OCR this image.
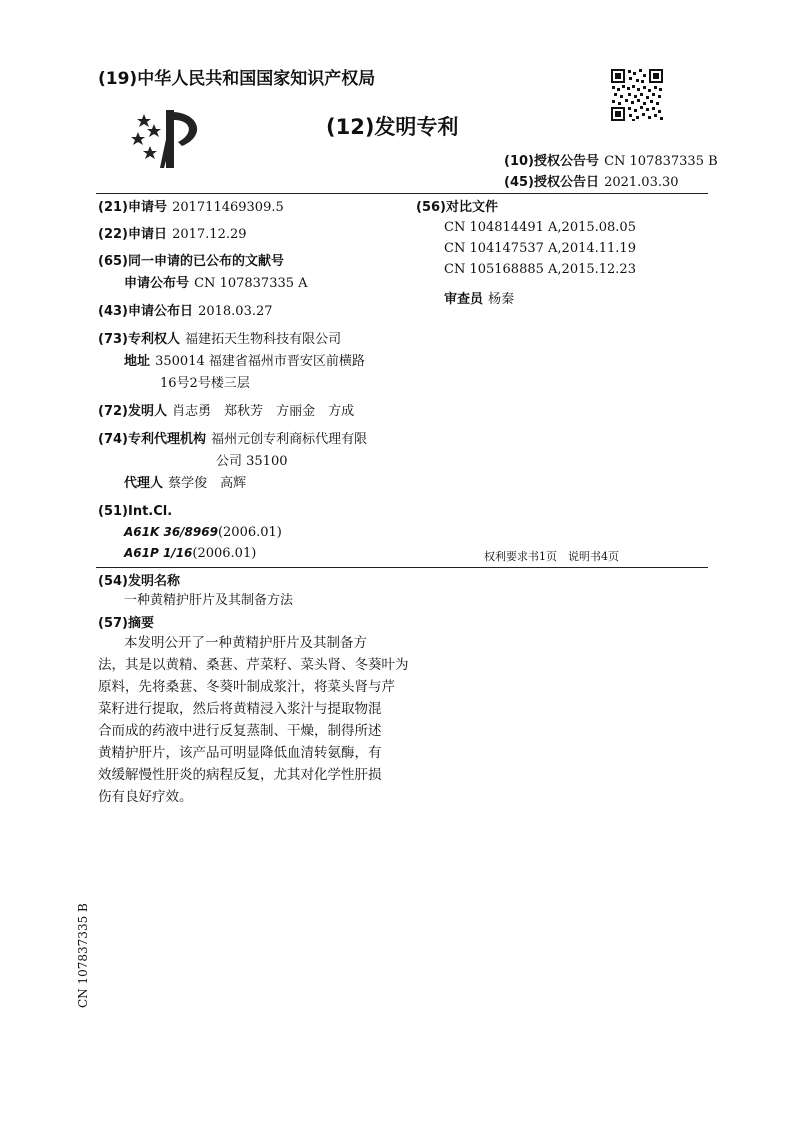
(19)中华人民共和国国家知识产权局
(12)发明专利
(10)授权公告号 CN 107837335 B
(45)授权公告日 2021.03.30
(21)申请号 201711469309.5
(22)申请日 2017.12.29
(65)同一申请的已公布的文献号
申请公布号 CN 107837335 A
(43)申请公布日 2018.03.27
(73)专利权人 福建拓天生物科技有限公司
地址 350014 福建省福州市晋安区前横路
16号2号楼三层
(72)发明人 肖志勇　郑秋芳　方丽金　方成
(74)专利代理机构 福州元创专利商标代理有限
公司 35100
代理人 蔡学俊　高辉
(51)Int.Cl.
A61K 36/8969(2006.01)
A61P 1/16(2006.01)
(56)对比文件
CN 104814491 A,2015.08.05
CN 104147537 A,2014.11.19
CN 105168885 A,2015.12.23
审查员 杨秦
权利要求书1页　说明书4页
(54)发明名称
一种黄精护肝片及其制备方法
(57)摘要

本发明公开了一种黄精护肝片及其制备方

法，其是以黄精、桑葚、芹菜籽、菜头肾、冬葵叶为

原料，先将桑葚、冬葵叶制成浆汁，将菜头肾与芹

菜籽进行提取，然后将黄精浸入浆汁与提取物混

合而成的药液中进行反复蒸制、干燥，制得所述

黄精护肝片，该产品可明显降低血清转氨酶，有

效缓解慢性肝炎的病程反复，尤其对化学性肝损

伤有良好疗效。

CN 107837335 B
